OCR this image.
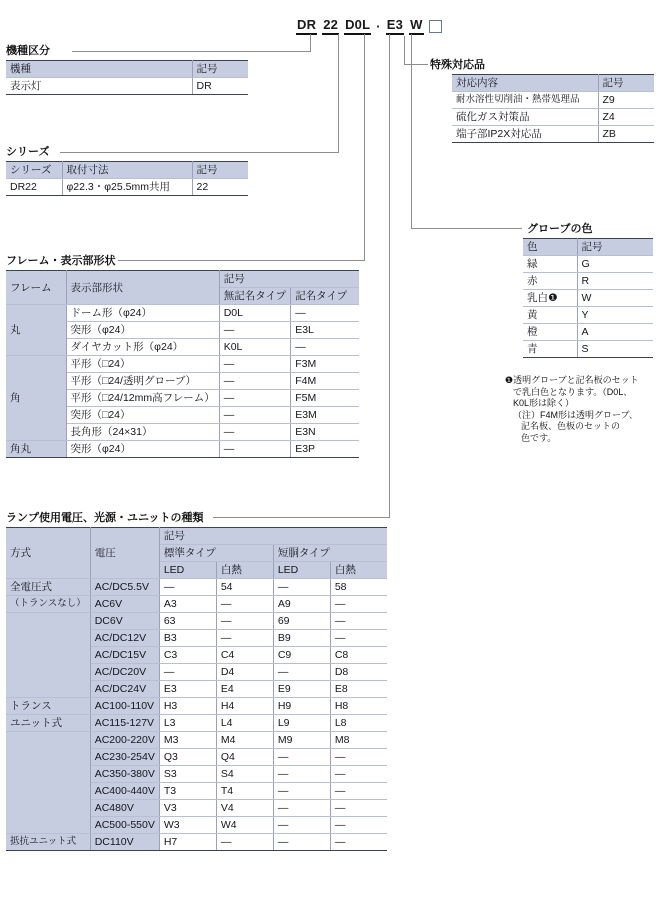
DR 22 D0L · E3 W
機種区分
機種	記号
表示灯	DR
シリーズ
シリーズ	取付寸法	記号
DR22	φ22.3・φ25.5mm共用	22
フレーム・表示部形状
フレーム	表示部形状	記号	
		無記名タイプ	記名タイプ
丸	ドーム形（φ24）	D0L	—
	突形（φ24）	—	E3L
	ダイヤカット形（φ24）	K0L	—
角	平形（□24）	—	F3M
	平形（□24/透明グローブ）	—	F4M
	平形（□24/12mm高フレーム）	—	F5M
	突形（□24）	—	E3M
	長角形（24×31）	—	E3N
角丸	突形（φ24）	—	E3P
ランプ使用電圧、光源・ユニットの種類
方式	電圧	記号			
		標準タイプ		短胴タイプ	
		LED	白熱	LED	白熱
全電圧式	AC/DC5.5V	—	54	—	58
（トランスなし）	AC6V	A3	—	A9	—
	DC6V	63	—	69	—
	AC/DC12V	B3	—	B9	—
	AC/DC15V	C3	C4	C9	C8
	AC/DC20V	—	D4	—	D8
	AC/DC24V	E3	E4	E9	E8
トランス	AC100-110V	H3	H4	H9	H8
ユニット式	AC115-127V	L3	L4	L9	L8
	AC200-220V	M3	M4	M9	M8
	AC230-254V	Q3	Q4	—	—
	AC350-380V	S3	S4	—	—
	AC400-440V	T3	T4	—	—
	AC480V	V3	V4	—	—
	AC500-550V	W3	W4	—	—
抵抗ユニット式	DC110V	H7	—	—	—
特殊対応品
対応内容	記号
耐水溶性切削油・熱帯処理品	Z9
硫化ガス対策品	Z4
端子部IP2X対応品	ZB
グローブの色
色	記号
緑	G
赤	R
乳白❶	W
黄	Y
橙	A
青	S
❶透明グローブと記名板のセット
で乳白色となります。（D0L、
K0L形は除く）
（注）F4M形は透明グローブ、
記名板、色板のセットの
色です。
